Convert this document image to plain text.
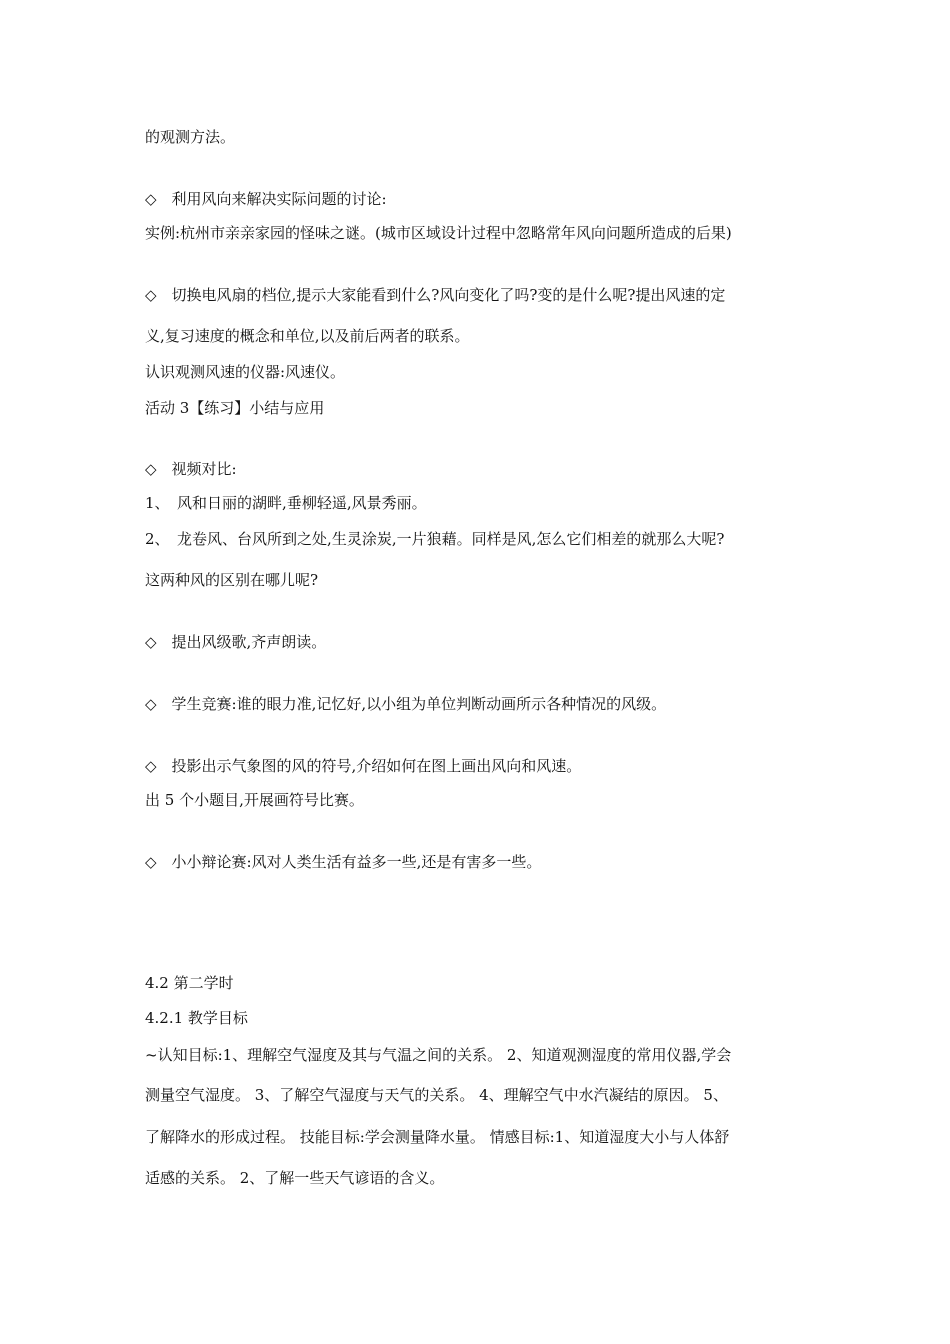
的观测方法。
◇　利用风向来解决实际问题的讨论:
实例:杭州市亲亲家园的怪味之谜。(城市区域设计过程中忽略常年风向问题所造成的后果)
◇　切换电风扇的档位,提示大家能看到什么?风向变化了吗?变的是什么呢?提出风速的定
义,复习速度的概念和单位,以及前后两者的联系。
认识观测风速的仪器:风速仪。
活动 3【练习】小结与应用
◇　视频对比:
1、　风和日丽的湖畔,垂柳轻遥,风景秀丽。
2、　龙卷风、台风所到之处,生灵涂炭,一片狼藉。同样是风,怎么它们相差的就那么大呢?
这两种风的区别在哪儿呢?
◇　提出风级歌,齐声朗读。
◇　学生竞赛:谁的眼力准,记忆好,以小组为单位判断动画所示各种情况的风级。
◇　投影出示气象图的风的符号,介绍如何在图上画出风向和风速。
出 5 个小题目,开展画符号比赛。
◇　小小辩论赛:风对人类生活有益多一些,还是有害多一些。
4.2 第二学时
4.2.1 教学目标
~认知目标:1、理解空气湿度及其与气温之间的关系。 2、知道观测湿度的常用仪器,学会
测量空气湿度。 3、了解空气湿度与天气的关系。 4、理解空气中水汽凝结的原因。 5、
了解降水的形成过程。 技能目标:学会测量降水量。 情感目标:1、知道湿度大小与人体舒
适感的关系。 2、了解一些天气谚语的含义。
